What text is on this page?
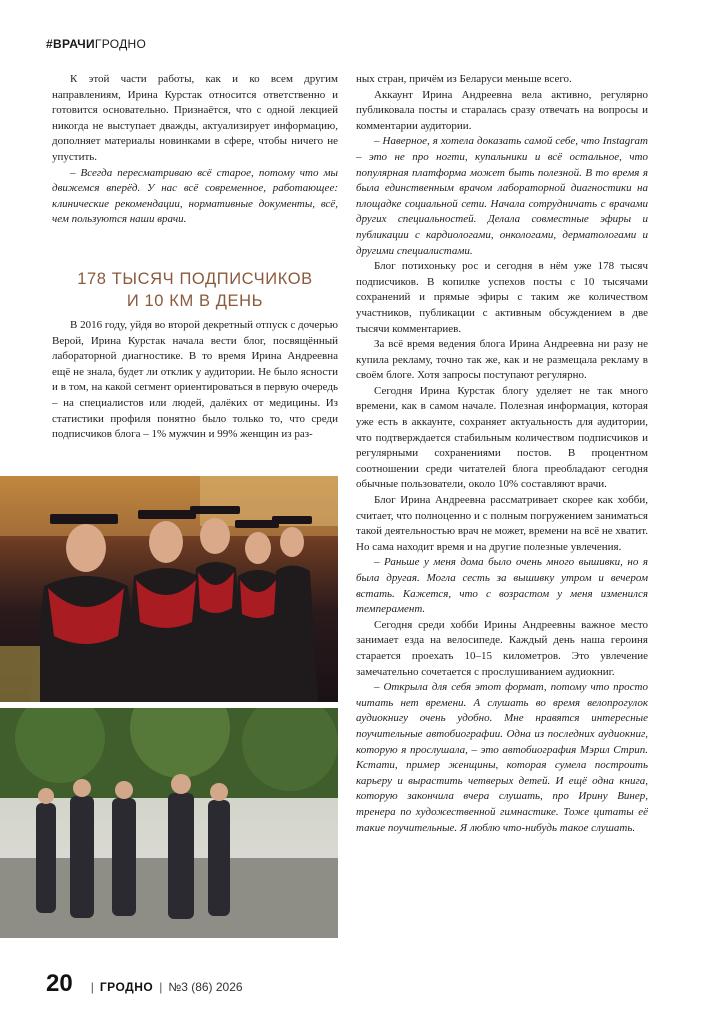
#ВРАЧИГРОДНО

К этой части работы, как и ко всем другим направлениям, Ирина Курстак относится ответственно и готовится основательно. Признаётся, что с одной лекцией никогда не выступает дважды, актуализирует информацию, дополняет материалы новинками в сфере, чтобы ничего не упустить.

– Всегда пересматриваю всё старое, потому что мы движемся вперёд. У нас всё современное, работающее: клинические рекомендации, нормативные документы, всё, чем пользуются наши врачи.

178 ТЫСЯЧ ПОДПИСЧИКОВ
И 10 КМ В ДЕНЬ

В 2016 году, уйдя во второй декретный отпуск с дочерью Верой, Ирина Курстак начала вести блог, посвящённый лабораторной диагностике. В то время Ирина Андреевна ещё не знала, будет ли отклик у аудитории. Не было ясности и в том, на какой сегмент ориентироваться в первую очередь – на специалистов или людей, далёких от медицины. Из статистики профиля понятно было только то, что среди подписчиков блога – 1% мужчин и 99% женщин из раз-

ных стран, причём из Беларуси меньше всего.

Аккаунт Ирина Андреевна вела активно, регулярно публиковала посты и старалась сразу отвечать на вопросы и комментарии аудитории.

– Наверное, я хотела доказать самой себе, что Instagram – это не про ногти, купальники и всё остальное, что популярная платформа может быть полезной. В то время я была единственным врачом лабораторной диагностики на площадке социальной сети. Начала сотрудничать с врачами других специальностей. Делала совместные эфиры и публикации с кардиологами, онкологами, дерматологами и другими специалистами.

Блог потихоньку рос и сегодня в нём уже 178 тысяч подписчиков. В копилке успехов посты с 10 тысячами сохранений и прямые эфиры с таким же количеством участников, публикации с активным обсуждением в две тысячи комментариев.

За всё время ведения блога Ирина Андреевна ни разу не купила рекламу, точно так же, как и не размещала рекламу в своём блоге. Хотя запросы поступают регулярно.

Сегодня Ирина Курстак блогу уделяет не так много времени, как в самом начале. Полезная информация, которая уже есть в аккаунте, сохраняет актуальность для аудитории, что подтверждается стабильным количеством подписчиков и регулярными сохранениями постов. В процентном соотношении среди читателей блога преобладают сегодня обычные пользователи, около 10% составляют врачи.

Блог Ирина Андреевна рассматривает скорее как хобби, считает, что полноценно и с полным погружением заниматься такой деятельностью врач не может, времени на всё не хватит. Но сама находит время и на другие полезные увлечения.

– Раньше у меня дома было очень много вышивки, но я была другая. Могла сесть за вышивку утром и вечером встать. Кажется, что с возрастом у меня изменился темперамент.

Сегодня среди хобби Ирины Андреевны важное место занимает езда на велосипеде. Каждый день наша героиня старается проехать 10–15 километров. Это увлечение замечательно сочетается с прослушиванием аудиокниг.

– Открыла для себя этот формат, потому что просто читать нет времени. А слушать во время велопрогулок аудиокнигу очень удобно. Мне нравятся интересные поучительные автобиографии. Одна из последних аудиокниг, которую я прослушала, – это автобиография Мэрил Стрип. Кстати, пример женщины, которая сумела построить карьеру и вырастить четверых детей. И ещё одна книга, которую закончила вчера слушать, про Ирину Винер, тренера по художественной гимнастике. Тоже цитаты её такие поучительные. Я люблю что-нибудь такое слушать.

20 | ГРОДНО | №3 (86) 2026
